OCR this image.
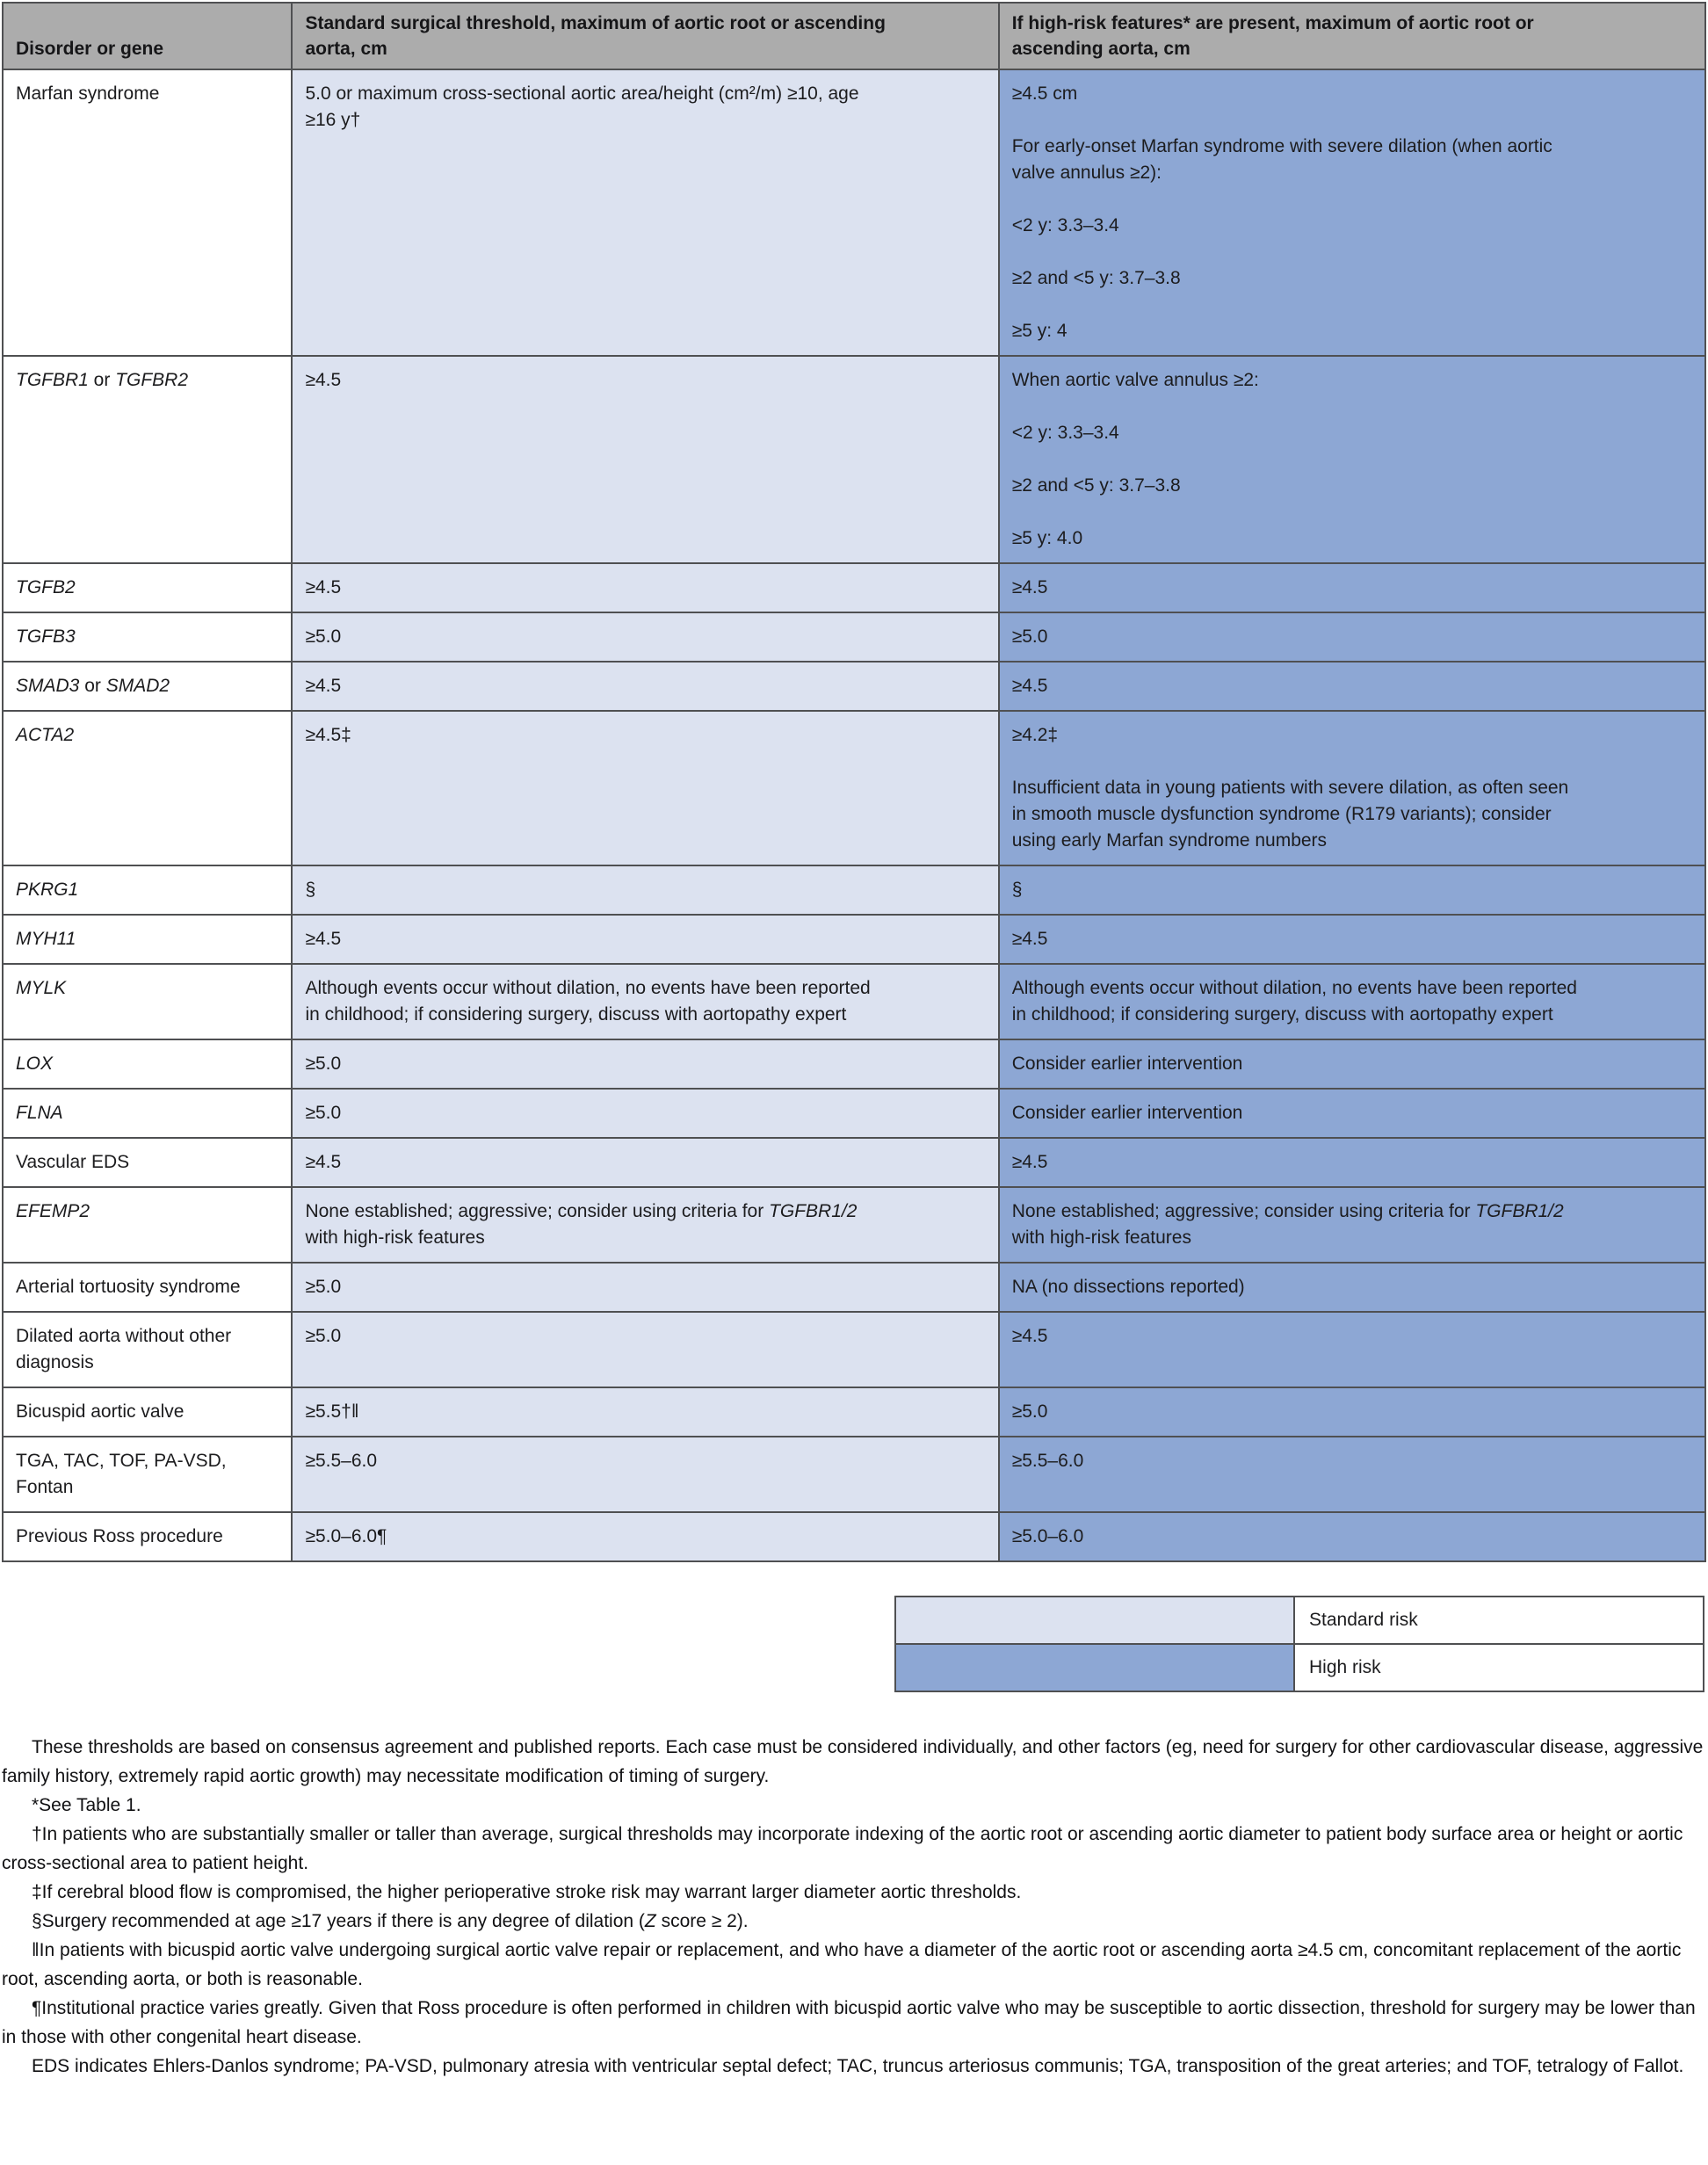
Disorder or gene	Standard surgical threshold, maximum of aortic root or ascending aorta, cm	If high-risk features* are present, maximum of aortic root or ascending aorta, cm
Marfan syndrome	5.0 or maximum cross-sectional aortic area/height (cm²/m) ≥10, age ≥16 y†	≥4.5 cm

For early-onset Marfan syndrome with severe dilation (when aortic valve annulus ≥2):

<2 y: 3.3–3.4

≥2 and <5 y: 3.7–3.8

≥5 y: 4

TGFBR1 or TGFBR2	≥4.5	When aortic valve annulus ≥2:

<2 y: 3.3–3.4

≥2 and <5 y: 3.7–3.8

≥5 y: 4.0

TGFB2	≥4.5	≥4.5

TGFB3	≥5.0	≥5.0

SMAD3 or SMAD2	≥4.5	≥4.5

ACTA2	≥4.5‡	≥4.2‡

Insufficient data in young patients with severe dilation, as often seen in smooth muscle dysfunction syndrome (R179 variants); consider using early Marfan syndrome numbers

PKRG1	§	§

MYH11	≥4.5	≥4.5

MYLK	Although events occur without dilation, no events have been reported in childhood; if considering surgery, discuss with aortopathy expert	Although events occur without dilation, no events have been reported in childhood; if considering surgery, discuss with aortopathy expert

LOX	≥5.0	Consider earlier intervention

FLNA	≥5.0	Consider earlier intervention

Vascular EDS	≥4.5	≥4.5

EFEMP2	None established; aggressive; consider using criteria for TGFBR1/2 with high-risk features	None established; aggressive; consider using criteria for TGFBR1/2 with high-risk features

Arterial tortuosity syndrome	≥5.0	NA (no dissections reported)

Dilated aorta without other diagnosis	≥5.0	≥4.5

Bicuspid aortic valve	≥5.5†‖	≥5.0

TGA, TAC, TOF, PA-VSD, Fontan	≥5.5–6.0	≥5.5–6.0

Previous Ross procedure	≥5.0–6.0¶	≥5.0–6.0

	Standard risk
	High risk

These thresholds are based on consensus agreement and published reports. Each case must be considered individually, and other factors (eg, need for surgery for other cardiovascular disease, aggressive family history, extremely rapid aortic growth) may necessitate modification of timing of surgery.

*See Table 1.

†In patients who are substantially smaller or taller than average, surgical thresholds may incorporate indexing of the aortic root or ascending aortic diameter to patient body surface area or height or aortic cross-sectional area to patient height.

‡If cerebral blood flow is compromised, the higher perioperative stroke risk may warrant larger diameter aortic thresholds.

§Surgery recommended at age ≥17 years if there is any degree of dilation (Z score ≥ 2).

‖In patients with bicuspid aortic valve undergoing surgical aortic valve repair or replacement, and who have a diameter of the aortic root or ascending aorta ≥4.5 cm, concomitant replacement of the aortic root, ascending aorta, or both is reasonable.

¶Institutional practice varies greatly. Given that Ross procedure is often performed in children with bicuspid aortic valve who may be susceptible to aortic dissection, threshold for surgery may be lower than in those with other congenital heart disease.

EDS indicates Ehlers-Danlos syndrome; PA-VSD, pulmonary atresia with ventricular septal defect; TAC, truncus arteriosus communis; TGA, transposition of the great arteries; and TOF, tetralogy of Fallot.
